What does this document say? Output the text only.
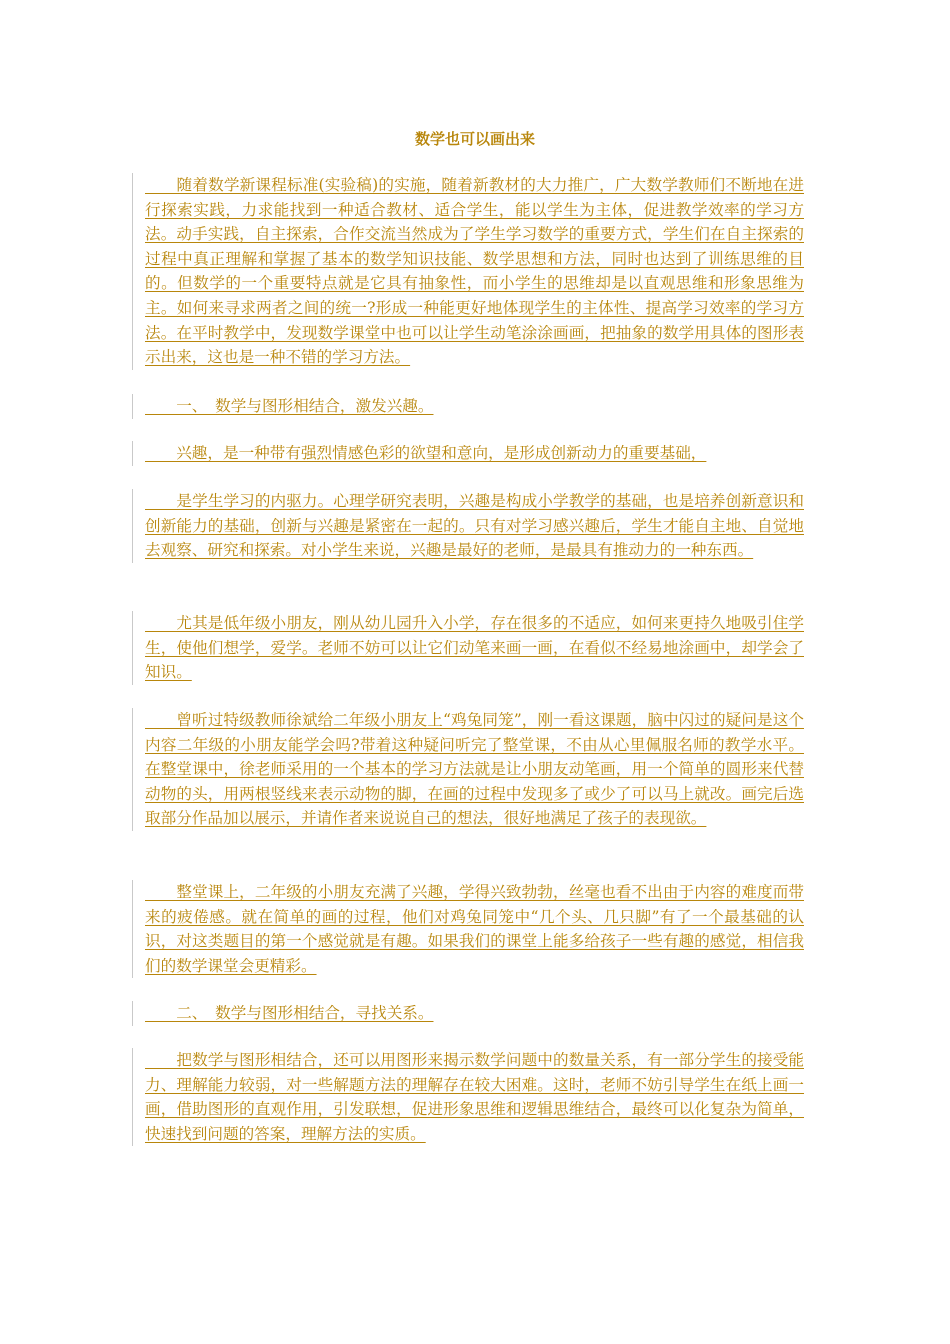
数学也可以画出来

　　随着数学新课程标准(实验稿)的实施，随着新教材的大力推广，广大数学教师们不断地在进行探索实践，力求能找到一种适合教材、适合学生，能以学生为主体，促进教学效率的学习方法。动手实践，自主探索，合作交流当然成为了学生学习数学的重要方式，学生们在自主探索的过程中真正理解和掌握了基本的数学知识技能、数学思想和方法，同时也达到了训练思维的目的。但数学的一个重要特点就是它具有抽象性，而小学生的思维却是以直观思维和形象思维为主。如何来寻求两者之间的统一?形成一种能更好地体现学生的主体性、提高学习效率的学习方法。在平时教学中，发现数学课堂中也可以让学生动笔涂涂画画，把抽象的数学用具体的图形表示出来，这也是一种不错的学习方法。

　　一、　数学与图形相结合，激发兴趣。

　　兴趣，是一种带有强烈情感色彩的欲望和意向，是形成创新动力的重要基础，

　　是学生学习的内驱力。心理学研究表明，兴趣是构成小学教学的基础，也是培养创新意识和创新能力的基础，创新与兴趣是紧密在一起的。只有对学习感兴趣后，学生才能自主地、自觉地去观察、研究和探索。对小学生来说，兴趣是最好的老师，是最具有推动力的一种东西。

　　尤其是低年级小朋友，刚从幼儿园升入小学，存在很多的不适应，如何来更持久地吸引住学生，使他们想学，爱学。老师不妨可以让它们动笔来画一画，在看似不经易地涂画中，却学会了知识。

　　曾听过特级教师徐斌给二年级小朋友上“鸡兔同笼”，刚一看这课题，脑中闪过的疑问是这个内容二年级的小朋友能学会吗?带着这种疑问听完了整堂课，不由从心里佩服名师的教学水平。在整堂课中，徐老师采用的一个基本的学习方法就是让小朋友动笔画，用一个简单的圆形来代替动物的头，用两根竖线来表示动物的脚，在画的过程中发现多了或少了可以马上就改。画完后选取部分作品加以展示，并请作者来说说自己的想法，很好地满足了孩子的表现欲。

　　整堂课上，二年级的小朋友充满了兴趣，学得兴致勃勃，丝毫也看不出由于内容的难度而带来的疲倦感。就在简单的画的过程，他们对鸡兔同笼中“几个头、几只脚”有了一个最基础的认识，对这类题目的第一个感觉就是有趣。如果我们的课堂上能多给孩子一些有趣的感觉，相信我们的数学课堂会更精彩。

　　二、　数学与图形相结合，寻找关系。

　　把数学与图形相结合，还可以用图形来揭示数学问题中的数量关系，有一部分学生的接受能力、理解能力较弱，对一些解题方法的理解存在较大困难。这时，老师不妨引导学生在纸上画一画，借助图形的直观作用，引发联想，促进形象思维和逻辑思维结合，最终可以化复杂为简单，快速找到问题的答案，理解方法的实质。
